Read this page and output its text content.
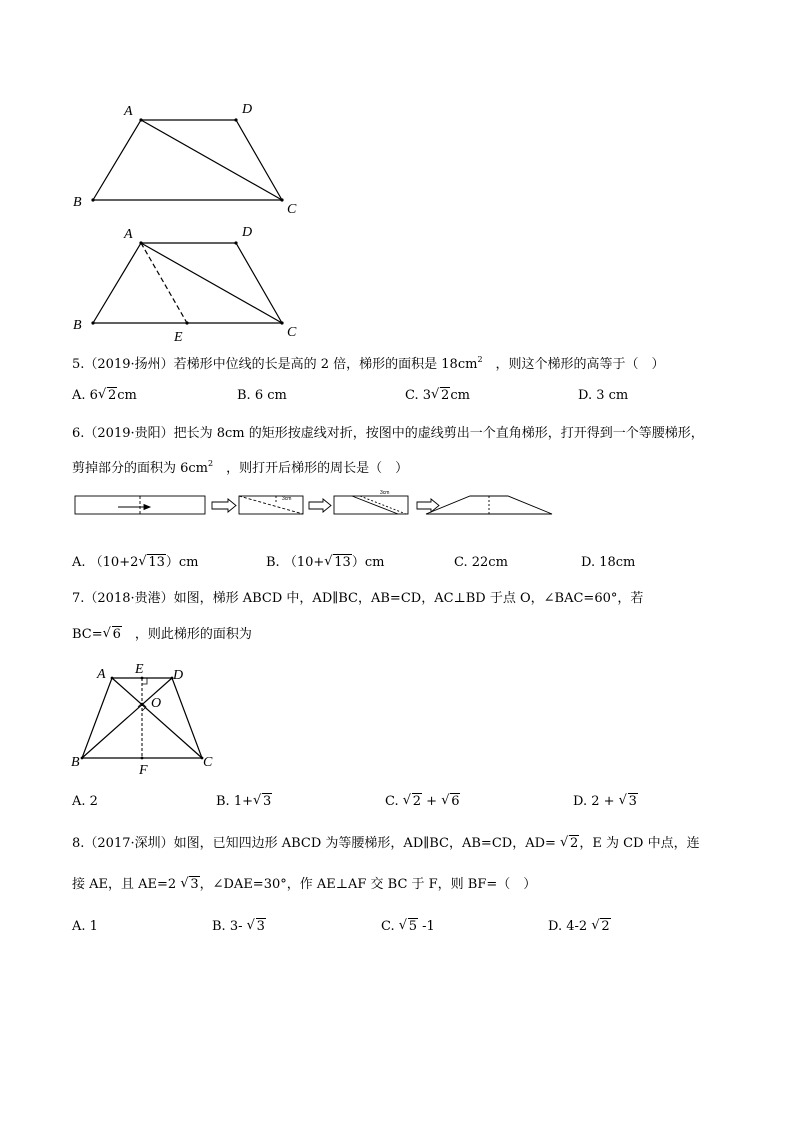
A	D
B	C
A	D
B	C
E
5.（2019·扬州）若梯形中位线的长是高的 2 倍，梯形的面积是 $18cm^2$　，则这个梯形的高等于（　）
A. 6 √ 2cm	B. 6 cm	C. 3 √ 2cm	D. 3 cm
6.（2019·贵阳）把长为 8cm 的矩形按虚线对折，按图中的虚线剪出一个直角梯形，打开得到一个等腰梯形，
剪掉部分的面积为 $6cm^2$　，则打开后梯形的周长是（　）
3cm
3cm
A. （10+2 √ 13）cm	B. （10+ √ 13）cm	C. 22cm	D. 18cm
7.（2018·贵港）如图，梯形 ABCD 中，AD∥BC，AB=CD，AC⊥BD 于点 O，∠BAC=60°，若
BC= √ 6　，则此梯形的面积为
A E D
O
B	C
F
A. 2	B. 1+ √ 3	C. √ 2 + √ 6	D. 2 + √ 3
8.（2017·深圳）如图，已知四边形 ABCD 为等腰梯形，AD∥BC，AB=CD，AD= √ 2，E 为 CD 中点，连
接 AE，且 AE=2 √ 3，∠DAE=30°，作 AE⊥AF 交 BC 于 F，则 BF=（　）
A. 1	B. 3- √ 3	C. √ 5 -1	D. 4-2 √ 2
